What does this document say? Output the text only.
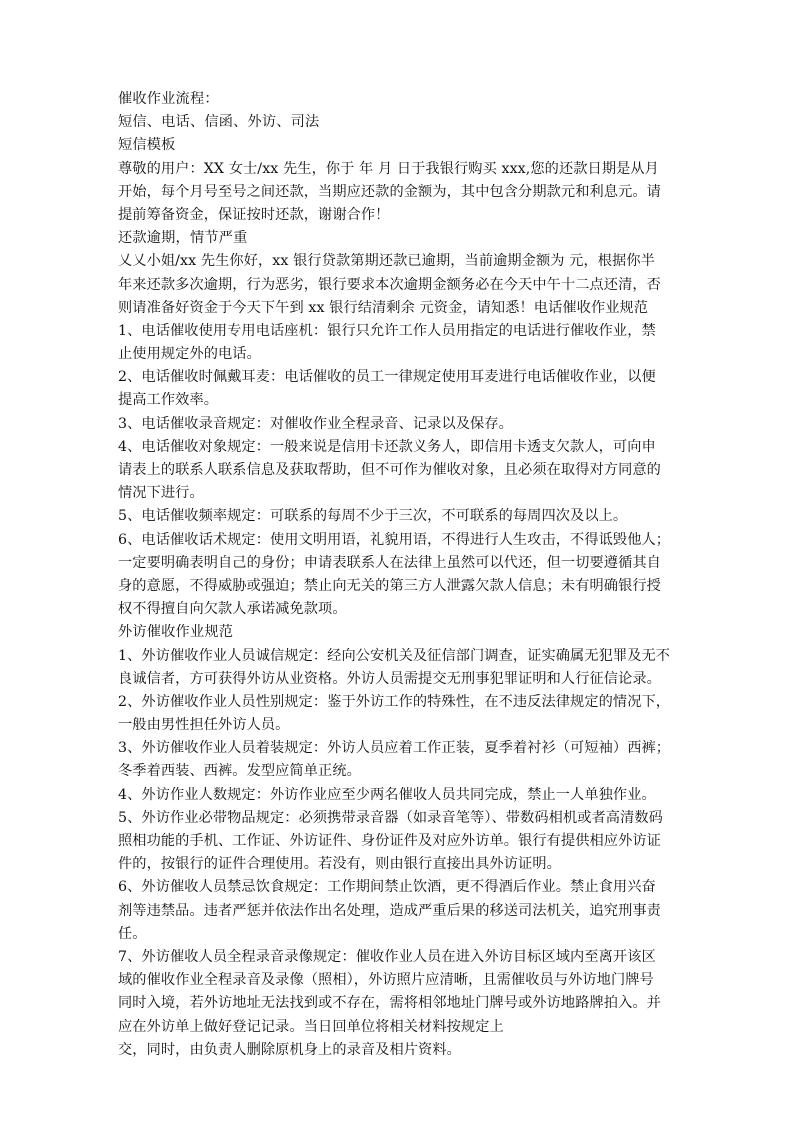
催收作业流程：
短信、电话、信函、外访、司法
短信模板
尊敬的用户：XX 女士/xx 先生，你于 年 月 日于我银行购买 xxx,您的还款日期是从月
开始，每个月号至号之间还款，当期应还款的金额为，其中包含分期款元和利息元。请
提前筹备资金，保证按时还款，谢谢合作！
还款逾期，情节严重
乂乂小姐/xx 先生你好，xx 银行贷款第期还款已逾期，当前逾期金额为 元，根据你半
年来还款多次逾期，行为恶劣，银行要求本次逾期金额务必在今天中午十二点还清，否
则请准备好资金于今天下午到 xx 银行结清剩余 元资金，请知悉！电话催收作业规范
1、电话催收使用专用电话座机：银行只允许工作人员用指定的电话进行催收作业，禁
止使用规定外的电话。
2、电话催收时佩戴耳麦：电话催收的员工一律规定使用耳麦进行电话催收作业，以便
提高工作效率。
3、电话催收录音规定：对催收作业全程录音、记录以及保存。
4、电话催收对象规定：一般来说是信用卡还款义务人，即信用卡透支欠款人，可向申
请表上的联系人联系信息及获取帮助，但不可作为催收对象，且必须在取得对方同意的
情况下进行。
5、电话催收频率规定：可联系的每周不少于三次，不可联系的每周四次及以上。
6、电话催收话术规定：使用文明用语，礼貌用语，不得进行人生攻击，不得诋毁他人；
一定要明确表明自己的身份；申请表联系人在法律上虽然可以代还，但一切要遵循其自
身的意愿，不得威胁或强迫；禁止向无关的第三方人泄露欠款人信息；未有明确银行授
权不得擅自向欠款人承诺减免款项。
外访催收作业规范
1、外访催收作业人员诚信规定：经向公安机关及征信部门调查，证实确属无犯罪及无不
良诚信者，方可获得外访从业资格。外访人员需提交无刑事犯罪证明和人行征信论录。
2、外访催收作业人员性别规定：鉴于外访工作的特殊性，在不违反法律规定的情况下，
一般由男性担任外访人员。
3、外访催收作业人员着装规定：外访人员应着工作正装，夏季着衬衫（可短袖）西裤；
冬季着西装、西裤。发型应简单正统。
4、外访作业人数规定：外访作业应至少两名催收人员共同完成，禁止一人单独作业。
5、外访作业必带物品规定：必须携带录音器（如录音笔等）、带数码相机或者高清数码
照相功能的手机、工作证、外访证件、身份证件及对应外访单。银行有提供相应外访证
件的，按银行的证件合理使用。若没有，则由银行直接出具外访证明。
6、外访催收人员禁忌饮食规定：工作期间禁止饮酒，更不得酒后作业。禁止食用兴奋
剂等违禁品。违者严惩并依法作出名处理，造成严重后果的移送司法机关，追究刑事责
任。
7、外访催收人员全程录音录像规定：催收作业人员在进入外访目标区域内至离开该区
域的催收作业全程录音及录像（照相），外访照片应清晰，且需催收员与外访地门牌号
同时入境，若外访地址无法找到或不存在，需将相邻地址门牌号或外访地路牌拍入。并
应在外访单上做好登记记录。当日回单位将相关材料按规定上
交，同时，由负责人删除原机身上的录音及相片资料。
